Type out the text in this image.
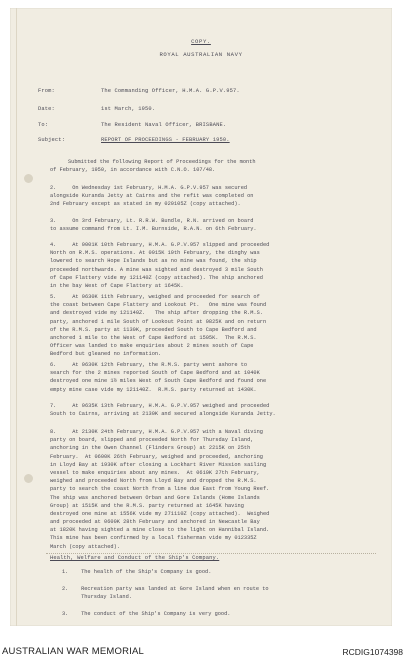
COPY.
ROYAL AUSTRALIAN NAVY
From:	The Commanding Officer, H.M.A. G.P.V.957.
Date:	1st March, 1950.
To:	The Resident Naval Officer, BRISBANE.
Subject:	REPORT OF PROCEEDINGS - FEBRUARY 1950.
Submitted the following Report of Proceedings for the month
of February, 1950, in accordance with C.N.O. 107/48.
2.     On Wednesday 1st February, H.M.A. G.P.V.957 was secured
alongside Kuranda Jetty at Cairns and the refit was completed on
2nd February except as stated in my 020105Z (copy attached).
3.     On 3rd February, Lt. R.R.W. Bundle, R.N. arrived on board
to assume command from Lt. I.M. Burnside, R.A.N. on 6th February.
4.     At 0001K 10th February, H.M.A. G.P.V.957 slipped and proceeded
North on R.M.S. operations. At 0915K 10th February, the dinghy was
lowered to search Hope Islands but as no mine was found, the ship
proceeded northwards. A mine was sighted and destroyed 3 mile South
of Cape Flattery vide my 121140Z (copy attached). The ship anchored
in the bay West of Cape Flattery at 1645K.
5.     At 0630K 11th February, weighed and proceeded for search of
the coast between Cape Flattery and Lookout Pt.   One mine was found
and destroyed vide my 121140Z.   The ship after dropping the R.M.S.
party, anchored 1 mile South of Lookout Point at 0825K and on return
of the R.M.S. party at 1130K, proceeded South to Cape Bedford and
anchored 1 mile to the West of Cape Bedford at 1505K.  The R.M.S.
Officer was landed to make enquiries about 2 mines south of Cape
Bedford but gleaned no information.
6.     At 0630K 12th February, the R.M.S. party went ashore to
search for the 2 mines reported South of Cape Bedford and at 1040K
destroyed one mine 1½ miles West of South Cape Bedford and found one
empty mine case vide my 121140Z.  R.M.S. party returned at 1430K.
7.     At 0635K 13th February, H.M.A. G.P.V.957 weighed and proceeded
South to Cairns, arriving at 2130K and secured alongside Kuranda Jetty.
8.     At 2130K 24th February, H.M.A. G.P.V.957 with a Naval diving
party on board, slipped and proceeded North for Thursday Island,
anchoring in the Owen Channel (Flinders Group) at 2215K on 25th
February.  At 0600K 26th February, weighed and proceeded, anchoring
in Lloyd Bay at 1930K after closing a Lockhart River Mission sailing
vessel to make enquiries about any mines.  At 0610K 27th February,
weighed and proceeded North from Lloyd Bay and dropped the R.M.S.
party to search the coast North from a line due East from Young Reef.
The ship was anchored between Orban and Gore Islands (Home Islands
Group) at 1515K and the R.M.S. party returned at 1645K having
destroyed one mine at 1556K vide my 271110Z (copy attached).  Weighed
and proceeded at 0600K 28th February and anchored in Newcastle Bay
at 1820K having sighted a mine close to the light on Hannibal Island.
This mine has been confirmed by a local fisherman vide my 012335Z
March (copy attached).
Health, Welfare and Conduct of the Ship's Company.
1.    The health of the Ship's Company is good.
2.    Recreation party was landed at Gore Island when en route to
Thursday Island.
3.    The conduct of the Ship's Company is very good.
AUSTRALIAN WAR MEMORIAL	RCDIG1074398
